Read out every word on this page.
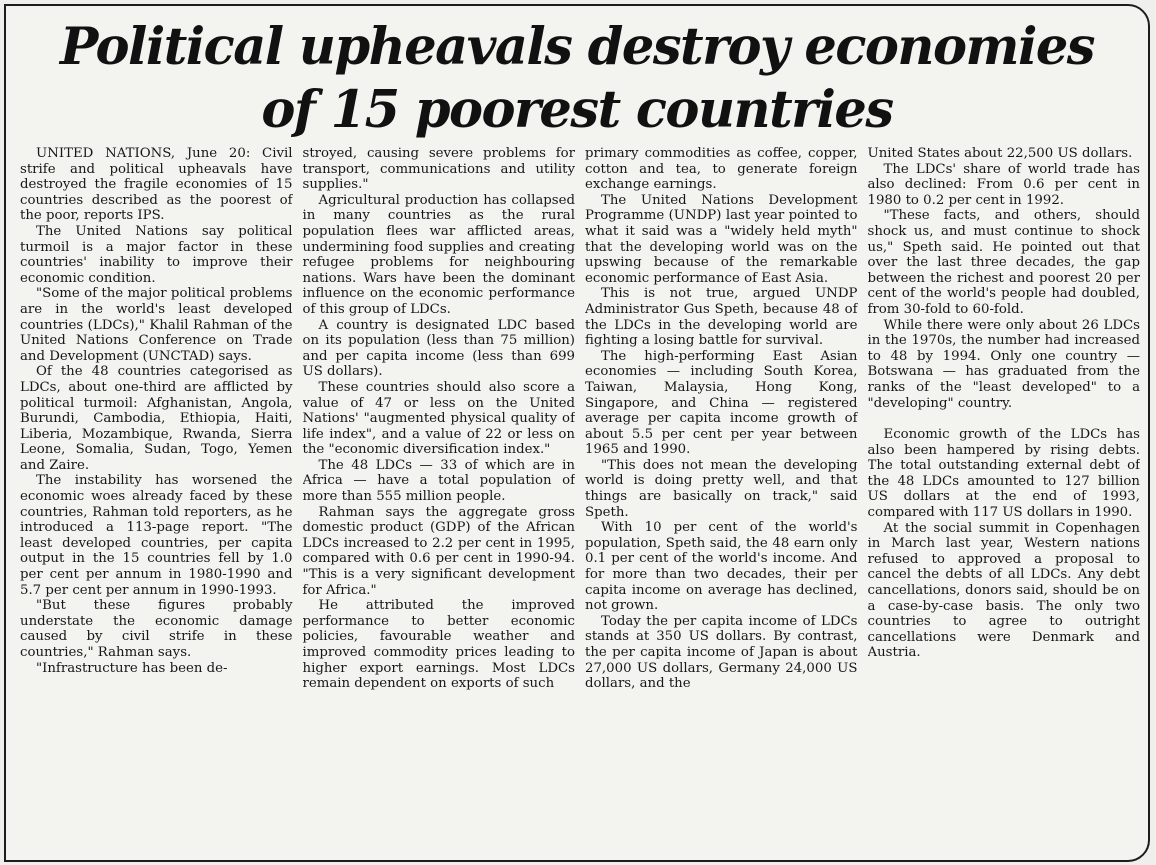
Political upheavals destroy economies
of 15 poorest countries

UNITED NATIONS, June 20: Civil strife and political upheavals have destroyed the fragile economies of 15 countries described as the poorest of the poor, reports IPS.

The United Nations say political turmoil is a major factor in these countries' inability to improve their economic condition.

"Some of the major political problems are in the world's least developed countries (LDCs)," Khalil Rahman of the United Nations Conference on Trade and Development (UNCTAD) says.

Of the 48 countries categorised as LDCs, about one-third are afflicted by political turmoil: Afghanistan, Angola, Burundi, Cambodia, Ethiopia, Haiti, Liberia, Mozambique, Rwanda, Sierra Leone, Somalia, Sudan, Togo, Yemen and Zaire.

The instability has worsened the economic woes already faced by these countries, Rahman told reporters, as he introduced a 113-page report. "The least developed countries, per capita output in the 15 countries fell by 1.0 per cent per annum in 1980-1990 and 5.7 per cent per annum in 1990-1993.

"But these figures probably understate the economic damage caused by civil strife in these countries," Rahman says.

"Infrastructure has been de-

stroyed, causing severe problems for transport, communications and utility supplies."

Agricultural production has collapsed in many countries as the rural population flees war afflicted areas, undermining food supplies and creating refugee problems for neighbouring nations. Wars have been the dominant influence on the economic performance of this group of LDCs.

A country is designated LDC based on its population (less than 75 million) and per capita income (less than 699 US dollars).

These countries should also score a value of 47 or less on the United Nations' "augmented physical quality of life index", and a value of 22 or less on the "economic diversification index."

The 48 LDCs — 33 of which are in Africa — have a total population of more than 555 million people.

Rahman says the aggregate gross domestic product (GDP) of the African LDCs increased to 2.2 per cent in 1995, compared with 0.6 per cent in 1990-94. "This is a very significant development for Africa."

He attributed the improved performance to better economic policies, favourable weather and improved commodity prices leading to higher export earnings. Most LDCs remain dependent on exports of such

primary commodities as coffee, copper, cotton and tea, to generate foreign exchange earnings.

The United Nations Development Programme (UNDP) last year pointed to what it said was a "widely held myth" that the developing world was on the upswing because of the remarkable economic performance of East Asia.

This is not true, argued UNDP Administrator Gus Speth, because 48 of the LDCs in the developing world are fighting a losing battle for survival.

The high-performing East Asian economies — including South Korea, Taiwan, Malaysia, Hong Kong, Singapore, and China — registered average per capita income growth of about 5.5 per cent per year between 1965 and 1990.

"This does not mean the developing world is doing pretty well, and that things are basically on track," said Speth.

With 10 per cent of the world's population, Speth said, the 48 earn only 0.1 per cent of the world's income. And for more than two decades, their per capita income on average has declined, not grown.

Today the per capita income of LDCs stands at 350 US dollars. By contrast, the per capita income of Japan is about 27,000 US dollars, Germany 24,000 US dollars, and the

United States about 22,500 US dollars.

The LDCs' share of world trade has also declined: From 0.6 per cent in 1980 to 0.2 per cent in 1992.

"These facts, and others, should shock us, and must continue to shock us," Speth said. He pointed out that over the last three decades, the gap between the richest and poorest 20 per cent of the world's people had doubled, from 30-fold to 60-fold.

While there were only about 26 LDCs in the 1970s, the number had increased to 48 by 1994. Only one country — Botswana — has graduated from the ranks of the "least developed" to a "developing" country.

Economic growth of the LDCs has also been hampered by rising debts. The total outstanding external debt of the 48 LDCs amounted to 127 billion US dollars at the end of 1993, compared with 117 US dollars in 1990.

At the social summit in Copenhagen in March last year, Western nations refused to approved a proposal to cancel the debts of all LDCs. Any debt cancellations, donors said, should be on a case-by-case basis. The only two countries to agree to outright cancellations were Denmark and Austria.
